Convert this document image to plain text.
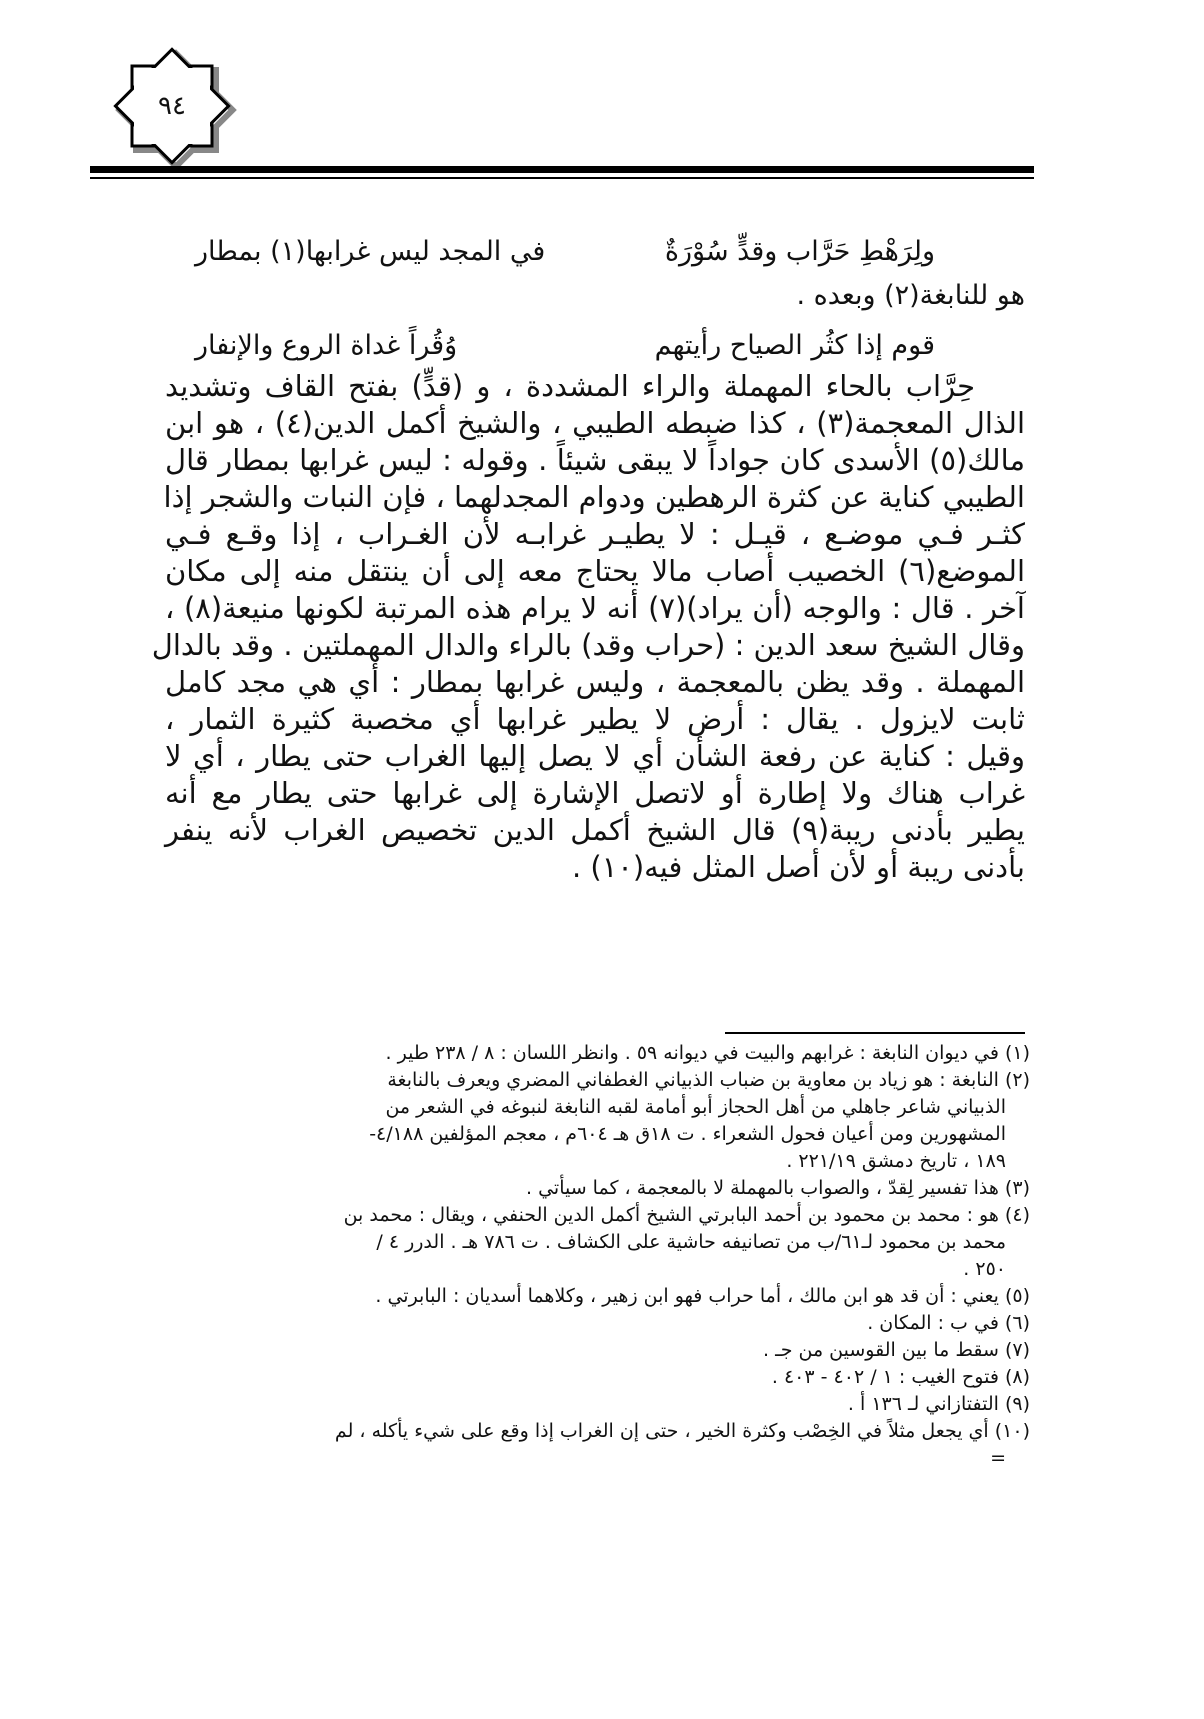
٩٤
ولِرَهْطِ حَرَّاب وقدٍّ سُوْرَةٌ
في المجد ليس غرابها(١) بمطار
هو للنابغة(٢) وبعده .
قوم إذا كثُر الصياح رأيتهم
وُقُراً غداة الروع والإنفار
حِرَّاب بالحاء المهملة والراء المشددة ، و (قدٍّ) بفتح القاف وتشديد
الذال المعجمة(٣) ، كذا ضبطه الطيبي ، والشيخ أكمل الدين(٤) ، هو ابن
مالك(٥) الأسدى كان جواداً لا يبقى شيئاً . وقوله : ليس غرابها بمطار قال
الطيبي كناية عن كثرة الرهطين ودوام المجدلهما ، فإن النبات والشجر إذا
كثـر فـي موضـع ، قيـل : لا يطيـر غرابـه لأن الغـراب ، إذا وقـع فـي
الموضع(٦) الخصيب أصاب مالا يحتاج معه إلى أن ينتقل منه إلى مكان
آخر . قال : والوجه (أن يراد)(٧) أنه لا يرام هذه المرتبة لكونها منيعة(٨) ،
وقال الشيخ سعد الدين : (حراب وقد) بالراء والدال المهملتين . وقد بالدال
المهملة . وقد يظن بالمعجمة ، وليس غرابها بمطار : أي هي مجد كامل
ثابت لايزول . يقال : أرض لا يطير غرابها أي مخصبة كثيرة الثمار ،
وقيل : كناية عن رفعة الشأن أي لا يصل إليها الغراب حتى يطار ، أي لا
غراب هناك ولا إطارة أو لاتصل الإشارة إلى غرابها حتى يطار مع أنه
يطير بأدنى ريبة(٩) قال الشيخ أكمل الدين تخصيص الغراب لأنه ينفر
بأدنى ريبة أو لأن أصل المثل فيه(١٠) .
(١) في ديوان النابغة : غرابهم والبيت في ديوانه ٥٩ . وانظر اللسان : ٨ / ٢٣٨ طير .
(٢) النابغة : هو زياد بن معاوية بن ضباب الذبياني الغطفاني المضري ويعرف بالنابغة
الذبياني شاعر جاهلي من أهل الحجاز أبو أمامة لقبه النابغة لنبوغه في الشعر من
المشهورين ومن أعيان فحول الشعراء . ت ١٨ق هـ ٦٠٤م ، معجم المؤلفين ٤/١٨٨-
١٨٩ ، تاريخ دمشق ٢٢١/١٩ .
(٣) هذا تفسير لِقدّ ، والصواب بالمهملة لا بالمعجمة ، كما سيأتي .
(٤) هو : محمد بن محمود بن أحمد البابرتي الشيخ أكمل الدين الحنفي ، ويقال : محمد بن
محمد بن محمود لـ٦١/ب من تصانيفه حاشية على الكشاف . ت ٧٨٦ هـ . الدرر ٤ /
٢٥٠ .
(٥) يعني : أن قد هو ابن مالك ، أما حراب فهو ابن زهير ، وكلاهما أسديان : البابرتي .
(٦) في ب : المكان .
(٧) سقط ما بين القوسين من جـ .
(٨) فتوح الغيب : ١ / ٤٠٢ - ٤٠٣ .
(٩) التفتازاني لـ ١٣٦ أ .
(١٠) أي يجعل مثلاً في الخِصْب وكثرة الخير ، حتى إن الغراب إذا وقع على شيء يأكله ، لم
=
